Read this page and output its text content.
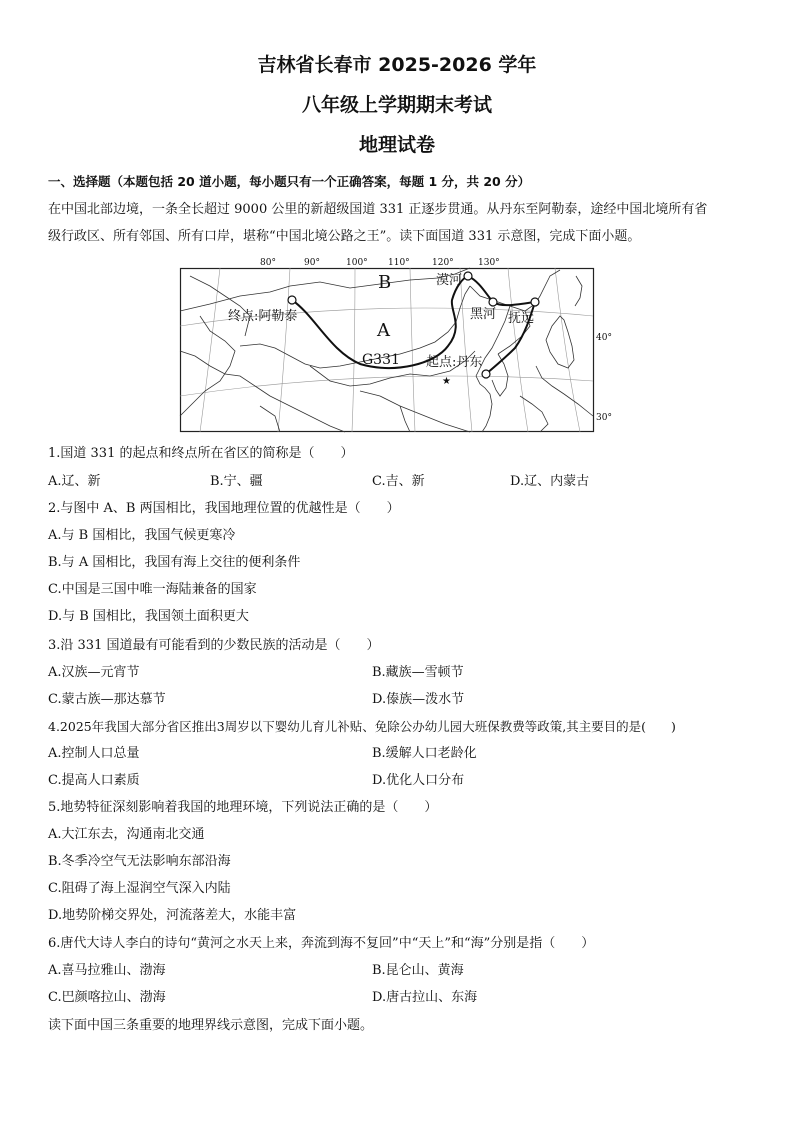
吉林省长春市 2025-2026 学年
八年级上学期期末考试
地理试卷
一、选择题（本题包括 20 道小题，每小题只有一个正确答案，每题 1 分，共 20 分）
在中国北部边境，一条全长超过 9000 公里的新超级国道 331 正逐步贯通。从丹东至阿勒泰，途经中国北境所有省
级行政区、所有邻国、所有口岸，堪称“中国北境公路之王”。读下面国道 331 示意图，完成下面小题。
★
80°	90°	100° 110° 120°	130°
40°
30°
B
A
G331
终点:阿勒泰
起点:丹东
漠河
黑河 抚远
1.国道 331 的起点和终点所在省区的简称是（　　）
A.辽、新	B.宁、疆	C.吉、新	D.辽、内蒙古
2.与图中 A、B 两国相比，我国地理位置的优越性是（　　）
A.与 B 国相比，我国气候更寒冷
B.与 A 国相比，我国有海上交往的便利条件
C.中国是三国中唯一海陆兼备的国家
D.与 B 国相比，我国领土面积更大
3.沿 331 国道最有可能看到的少数民族的活动是（　　）
A.汉族—元宵节	B.藏族—雪顿节
C.蒙古族—那达慕节	D.傣族—泼水节
4.2025年我国大部分省区推出3周岁以下婴幼儿育儿补贴、免除公办幼儿园大班保教费等政策,其主要目的是(　　)
A.控制人口总量	B.缓解人口老龄化
C.提高人口素质	D.优化人口分布
5.地势特征深刻影响着我国的地理环境，下列说法正确的是（　　）
A.大江东去，沟通南北交通
B.冬季冷空气无法影响东部沿海
C.阻碍了海上湿润空气深入内陆
D.地势阶梯交界处，河流落差大，水能丰富
6.唐代大诗人李白的诗句“黄河之水天上来，奔流到海不复回”中“天上”和“海”分别是指（　　）
A.喜马拉雅山、渤海	B.昆仑山、黄海
C.巴颜喀拉山、渤海	D.唐古拉山、东海
读下面中国三条重要的地理界线示意图，完成下面小题。
